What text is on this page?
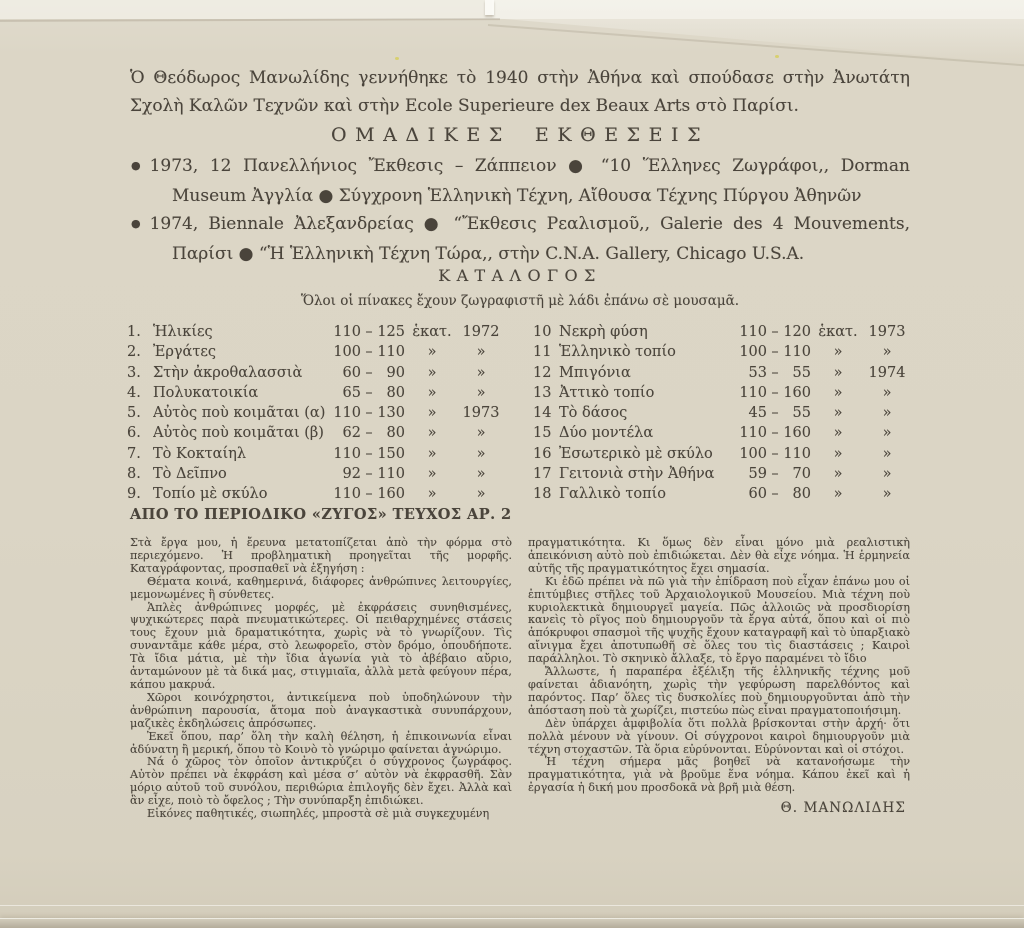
Ὁ Θεόδωρος Μανωλίδης γεννήθηκε τὸ 1940 στὴν Ἀθήνα καὶ σπούδασε στὴν Ἀνωτάτη Σχολὴ Καλῶν Τεχνῶν καὶ στὴν Ecole Superieure dex Beaux Arts στὸ Παρίσι.

ΟΜΑΔΙΚΕΣ ΕΚΘΕΣΕΙΣ

● 1973, 12 Πανελλήνιος Ἔκθεσις – Ζάππειον ● “10 Ἕλληνες Ζωγράφοι,, Dorman Museum Ἀγγλία ● Σύγχρονη Ἑλληνικὴ Τέχνη, Αἴθουσα Τέχνης Πύργου Ἀθηνῶν

● 1974, Biennale Ἀλεξανδρείας ● “Ἔκθεσις Ρεαλισμοῦ,, Galerie des 4 Mouvements, Παρίσι ● “Ἡ Ἑλληνικὴ Τέχνη Τώρα,, στὴν C.N.A. Gallery, Chicago U.S.A.

ΚΑΤΑΛΟΓΟΣ

Ὅλοι οἱ πίνακες ἔχουν ζωγραφιστῆ μὲ λάδι ἐπάνω σὲ μουσαμᾶ.

1. Ἡλικίες	110 – 125 ἑκατ. 1972
2. Ἐργάτες	100 – 110	»	»
3. Στὴν ἀκροθαλασσιὰ	60 – 90	»	»
4. Πολυκατοικία	65 – 80	»	»
5. Αὐτὸς ποὺ κοιμᾶται (α) 110 – 130	»	1973
6. Αὐτὸς ποὺ κοιμᾶται (β)	62 – 80	»	»
7. Τὸ Κοκταίηλ	110 – 150	»	»
8. Τὸ Δεῖπνο	92 – 110	»	»
9. Τοπίο μὲ σκύλο	110 – 160	»	»
10 Νεκρὴ φύση	110 – 120 ἑκατ. 1973
11 Ἑλληνικὸ τοπίο	100 – 110	»	»
12 Μπιγόνια	53 – 55	»	1974
13 Ἀττικὸ τοπίο	110 – 160	»	»
14 Τὸ δάσος	45 – 55	»	»
15 Δύο μοντέλα	110 – 160	»	»
16 Ἐσωτερικὸ μὲ σκύλο	100 – 110	»	»
17 Γειτονιὰ στὴν Ἀθήνα	59 – 70	»	»
18 Γαλλικὸ τοπίο	60 – 80	»	»
ΑΠΟ ΤΟ ΠΕΡΙΟΔΙΚΟ «ΖΥΓΟΣ» ΤΕΥΧΟΣ ΑΡ. 2

Στὰ ἔργα μου, ἡ ἔρευνα μετατοπίζεται ἀπὸ τὴν φόρμα στὸ περιεχόμενο. Ἡ προβληματικὴ προηγεῖται τῆς μορφῆς. Καταγράφοντας, προσπαθεῖ νὰ ἐξηγήση :

Θέματα κοινά, καθημερινά, διάφορες ἀνθρώπινες λειτουργίες, μεμονωμένες ἢ σύνθετες.

Ἁπλὲς ἀνθρώπινες μορφές, μὲ ἐκφράσεις συνηθισμένες, ψυχικώτερες παρὰ πνευματικώτερες. Οἱ πειθαρχημένες στάσεις τους ἔχουν μιὰ δραματικότητα, χωρὶς νὰ τὸ γνωρίζουν. Τὶς συναντᾶμε κάθε μέρα, στὸ λεωφορεῖο, στὸν δρόμο, ὁπουδήποτε. Τὰ ἴδια μάτια, μὲ τὴν ἴδια ἀγωνία γιὰ τὸ ἀβέβαιο αὔριο, ἀνταμώνουν μὲ τὰ δικά μας, στιγμιαῖα, ἀλλὰ μετὰ φεύγουν πέρα, κάπου μακρυά.

Χῶροι κοινόχρηστοι, ἀντικείμενα ποὺ ὑποδηλώνουν τὴν ἀνθρώπινη παρουσία, ἄτομα ποὺ ἀναγκαστικὰ συνυπάρχουν, μαζικὲς ἐκδηλώσεις ἀπρόσωπες.

Ἐκεῖ ὅπου, παρ’ ὅλη τὴν καλὴ θέληση, ἡ ἐπικοινωνία εἶναι ἀδύνατη ἢ μερική, ὅπου τὸ Κοινὸ τὸ γνώριμο φαίνεται ἀγνώριμο.

Νά ὁ χῶρος τὸν ὁποῖον ἀντικρύζει ὁ σύγχρονος ζωγράφος. Αὐτὸν πρέπει νὰ ἐκφράση καὶ μέσα σ’ αὐτὸν νὰ ἐκφρασθῆ. Σὰν μόριο αὐτοῦ τοῦ συνόλου, περιθώρια ἐπιλογῆς δὲν ἔχει. Ἀλλὰ καὶ ἂν εἶχε, ποιὸ τὸ ὄφελος ; Τὴν συνύπαρξη ἐπιδιώκει.

Εἰκόνες παθητικές, σιωπηλές, μπροστὰ σὲ μιὰ συγκεχυμένη

πραγματικότητα. Κι ὅμως δὲν εἶναι μόνο μιὰ ρεαλιστικὴ ἀπεικόνιση αὐτὸ ποὺ ἐπιδιώκεται. Δὲν θὰ εἶχε νόημα. Ἡ ἑρμηνεία αὐτῆς τῆς πραγματικότητος ἔχει σημασία.

Κι ἐδῶ πρέπει νὰ πῶ γιὰ τὴν ἐπίδραση ποὺ εἶχαν ἐπάνω μου οἱ ἐπιτύμβιες στῆλες τοῦ Ἀρχαιολογικοῦ Μουσείου. Μιὰ τέχνη ποὺ κυριολεκτικὰ δημιουργεῖ μαγεία. Πῶς ἀλλοιῶς νὰ προσδιορίση κανεὶς τὸ ρῖγος ποὺ δημιουργοῦν τὰ ἔργα αὐτά, ὅπου καὶ οἱ πιὸ ἀπόκρυφοι σπασμοὶ τῆς ψυχῆς ἔχουν καταγραφῆ καὶ τὸ ὑπαρξιακὸ αἴνιγμα ἔχει ἀποτυπωθῆ σὲ ὅλες του τὶς διαστάσεις ; Καιροὶ παράλληλοι. Τὸ σκηνικὸ ἄλλαξε, τὸ ἔργο παραμένει τὸ ἴδιο

Ἄλλωστε, ἡ παραπέρα ἐξέλιξη τῆς ἑλληνικῆς τέχνης μοῦ φαίνεται ἀδιανόητη, χωρὶς τὴν γεφύρωση παρελθόντος καὶ παρόντος. Παρ’ ὅλες τὶς δυσκολίες ποὺ δημιουργοῦνται ἀπὸ τὴν ἀπόσταση ποὺ τὰ χωρίζει, πιστεύω πὼς εἶναι πραγματοποιήσιμη.

Δὲν ὑπάρχει ἀμφιβολία ὅτι πολλὰ βρίσκονται στὴν ἀρχή· ὅτι πολλὰ μένουν νὰ γίνουν. Οἱ σύγχρονοι καιροὶ δημιουργοῦν μιὰ τέχνη στοχαστῶν. Τὰ ὅρια εὐρύνονται. Εὐρύνονται καὶ οἱ στόχοι.

Ἡ τέχνη σήμερα μᾶς βοηθεῖ νὰ κατανοήσωμε τὴν πραγματικότητα, γιὰ νὰ βροῦμε ἕνα νόημα. Κάπου ἐκεῖ καὶ ἡ ἐργασία ἡ δική μου προσδοκᾶ νὰ βρῆ μιὰ θέση.

Θ. ΜΑΝΩΛΙΔΗΣ
